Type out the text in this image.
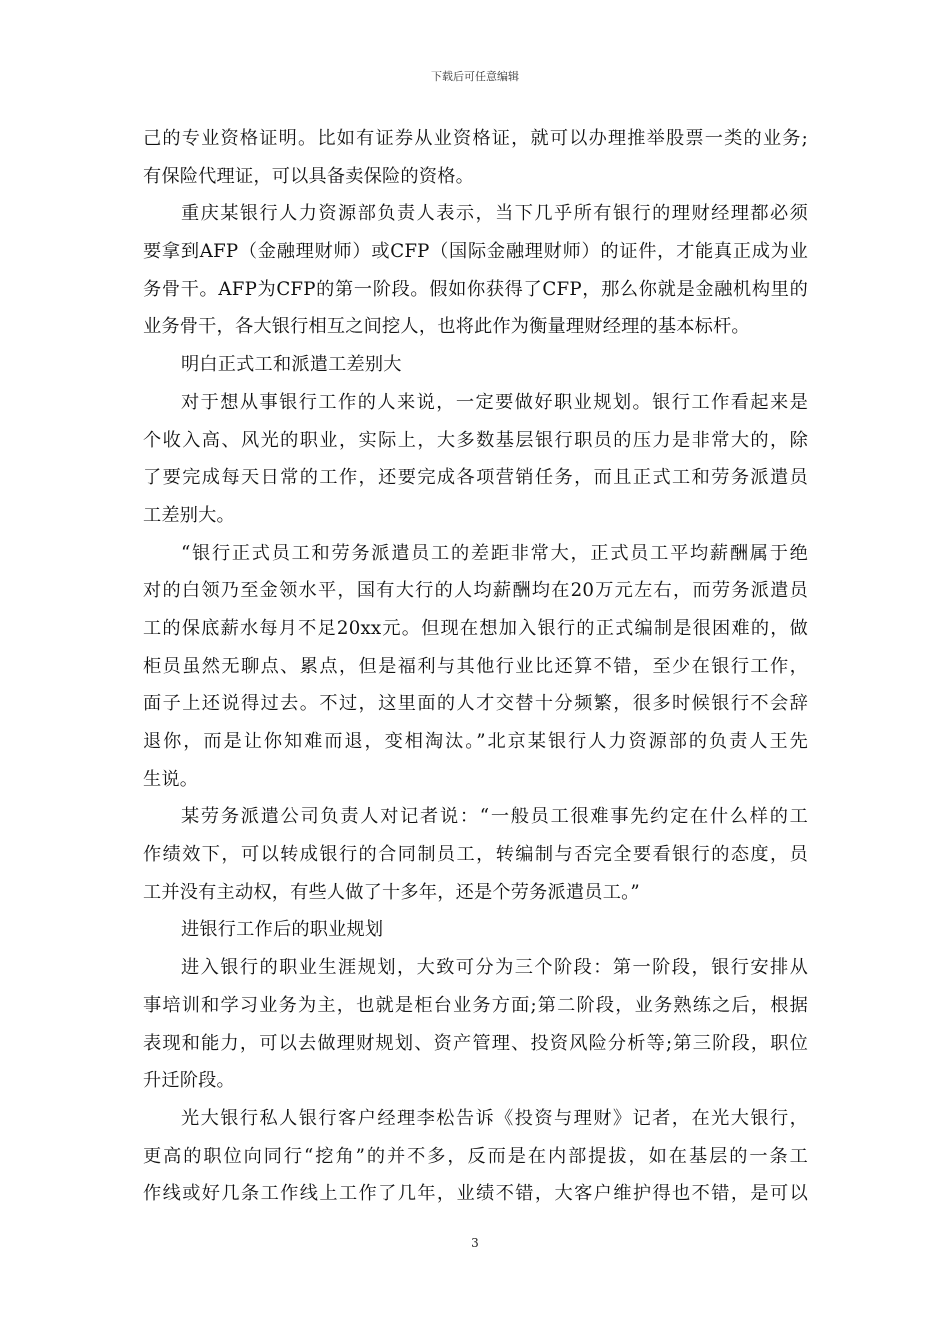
下载后可任意编辑
己的专业资格证明。比如有证券从业资格证，就可以办理推举股票一类的业务;
有保险代理证，可以具备卖保险的资格。
重庆某银行人力资源部负责人表示，当下几乎所有银行的理财经理都必须
要拿到AFP（金融理财师）或CFP（国际金融理财师）的证件，才能真正成为业
务骨干。AFP为CFP的第一阶段。假如你获得了CFP，那么你就是金融机构里的
业务骨干，各大银行相互之间挖人，也将此作为衡量理财经理的基本标杆。
明白正式工和派遣工差别大
对于想从事银行工作的人来说，一定要做好职业规划。银行工作看起来是
个收入高、风光的职业，实际上，大多数基层银行职员的压力是非常大的，除
了要完成每天日常的工作，还要完成各项营销任务，而且正式工和劳务派遣员
工差别大。
“银行正式员工和劳务派遣员工的差距非常大，正式员工平均薪酬属于绝
对的白领乃至金领水平，国有大行的人均薪酬均在20万元左右，而劳务派遣员
工的保底薪水每月不足20xx元。但现在想加入银行的正式编制是很困难的，做
柜员虽然无聊点、累点，但是福利与其他行业比还算不错，至少在银行工作，
面子上还说得过去。不过，这里面的人才交替十分频繁，很多时候银行不会辞
退你，而是让你知难而退，变相淘汰。”北京某银行人力资源部的负责人王先
生说。
某劳务派遣公司负责人对记者说：“一般员工很难事先约定在什么样的工
作绩效下，可以转成银行的合同制员工，转编制与否完全要看银行的态度，员
工并没有主动权，有些人做了十多年，还是个劳务派遣员工。”
进银行工作后的职业规划
进入银行的职业生涯规划，大致可分为三个阶段：第一阶段，银行安排从
事培训和学习业务为主，也就是柜台业务方面;第二阶段，业务熟练之后，根据
表现和能力，可以去做理财规划、资产管理、投资风险分析等;第三阶段，职位
升迁阶段。
光大银行私人银行客户经理李松告诉《投资与理财》记者，在光大银行，
更高的职位向同行“挖角”的并不多，反而是在内部提拔，如在基层的一条工
作线或好几条工作线上工作了几年，业绩不错，大客户维护得也不错，是可以
3
